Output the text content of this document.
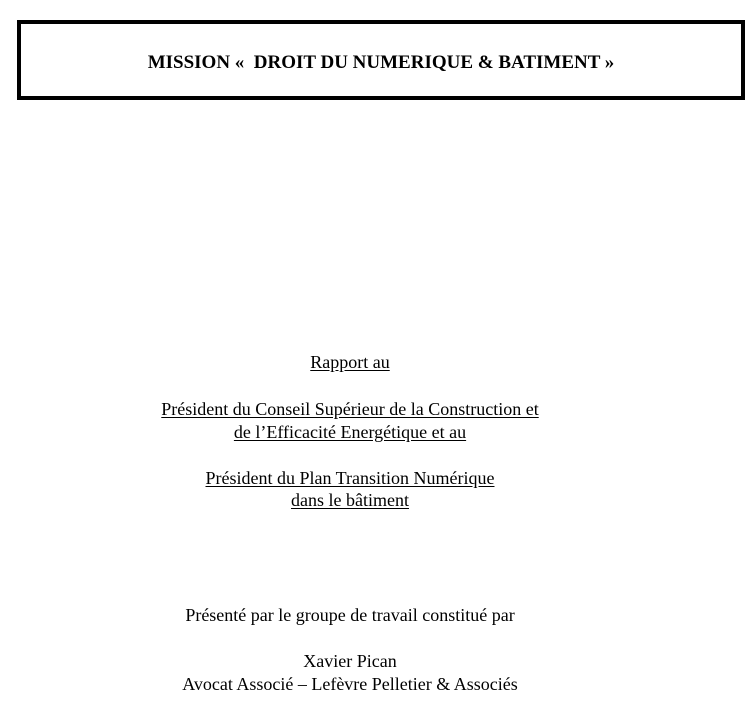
MISSION «  DROIT DU NUMERIQUE & BATIMENT »
Rapport au
Président du Conseil Supérieur de la Construction et
de l’Efficacité Energétique et au
Président du Plan Transition Numérique
dans le bâtiment
Présenté par le groupe de travail constitué par
Xavier Pican
Avocat Associé – Lefèvre Pelletier & Associés
